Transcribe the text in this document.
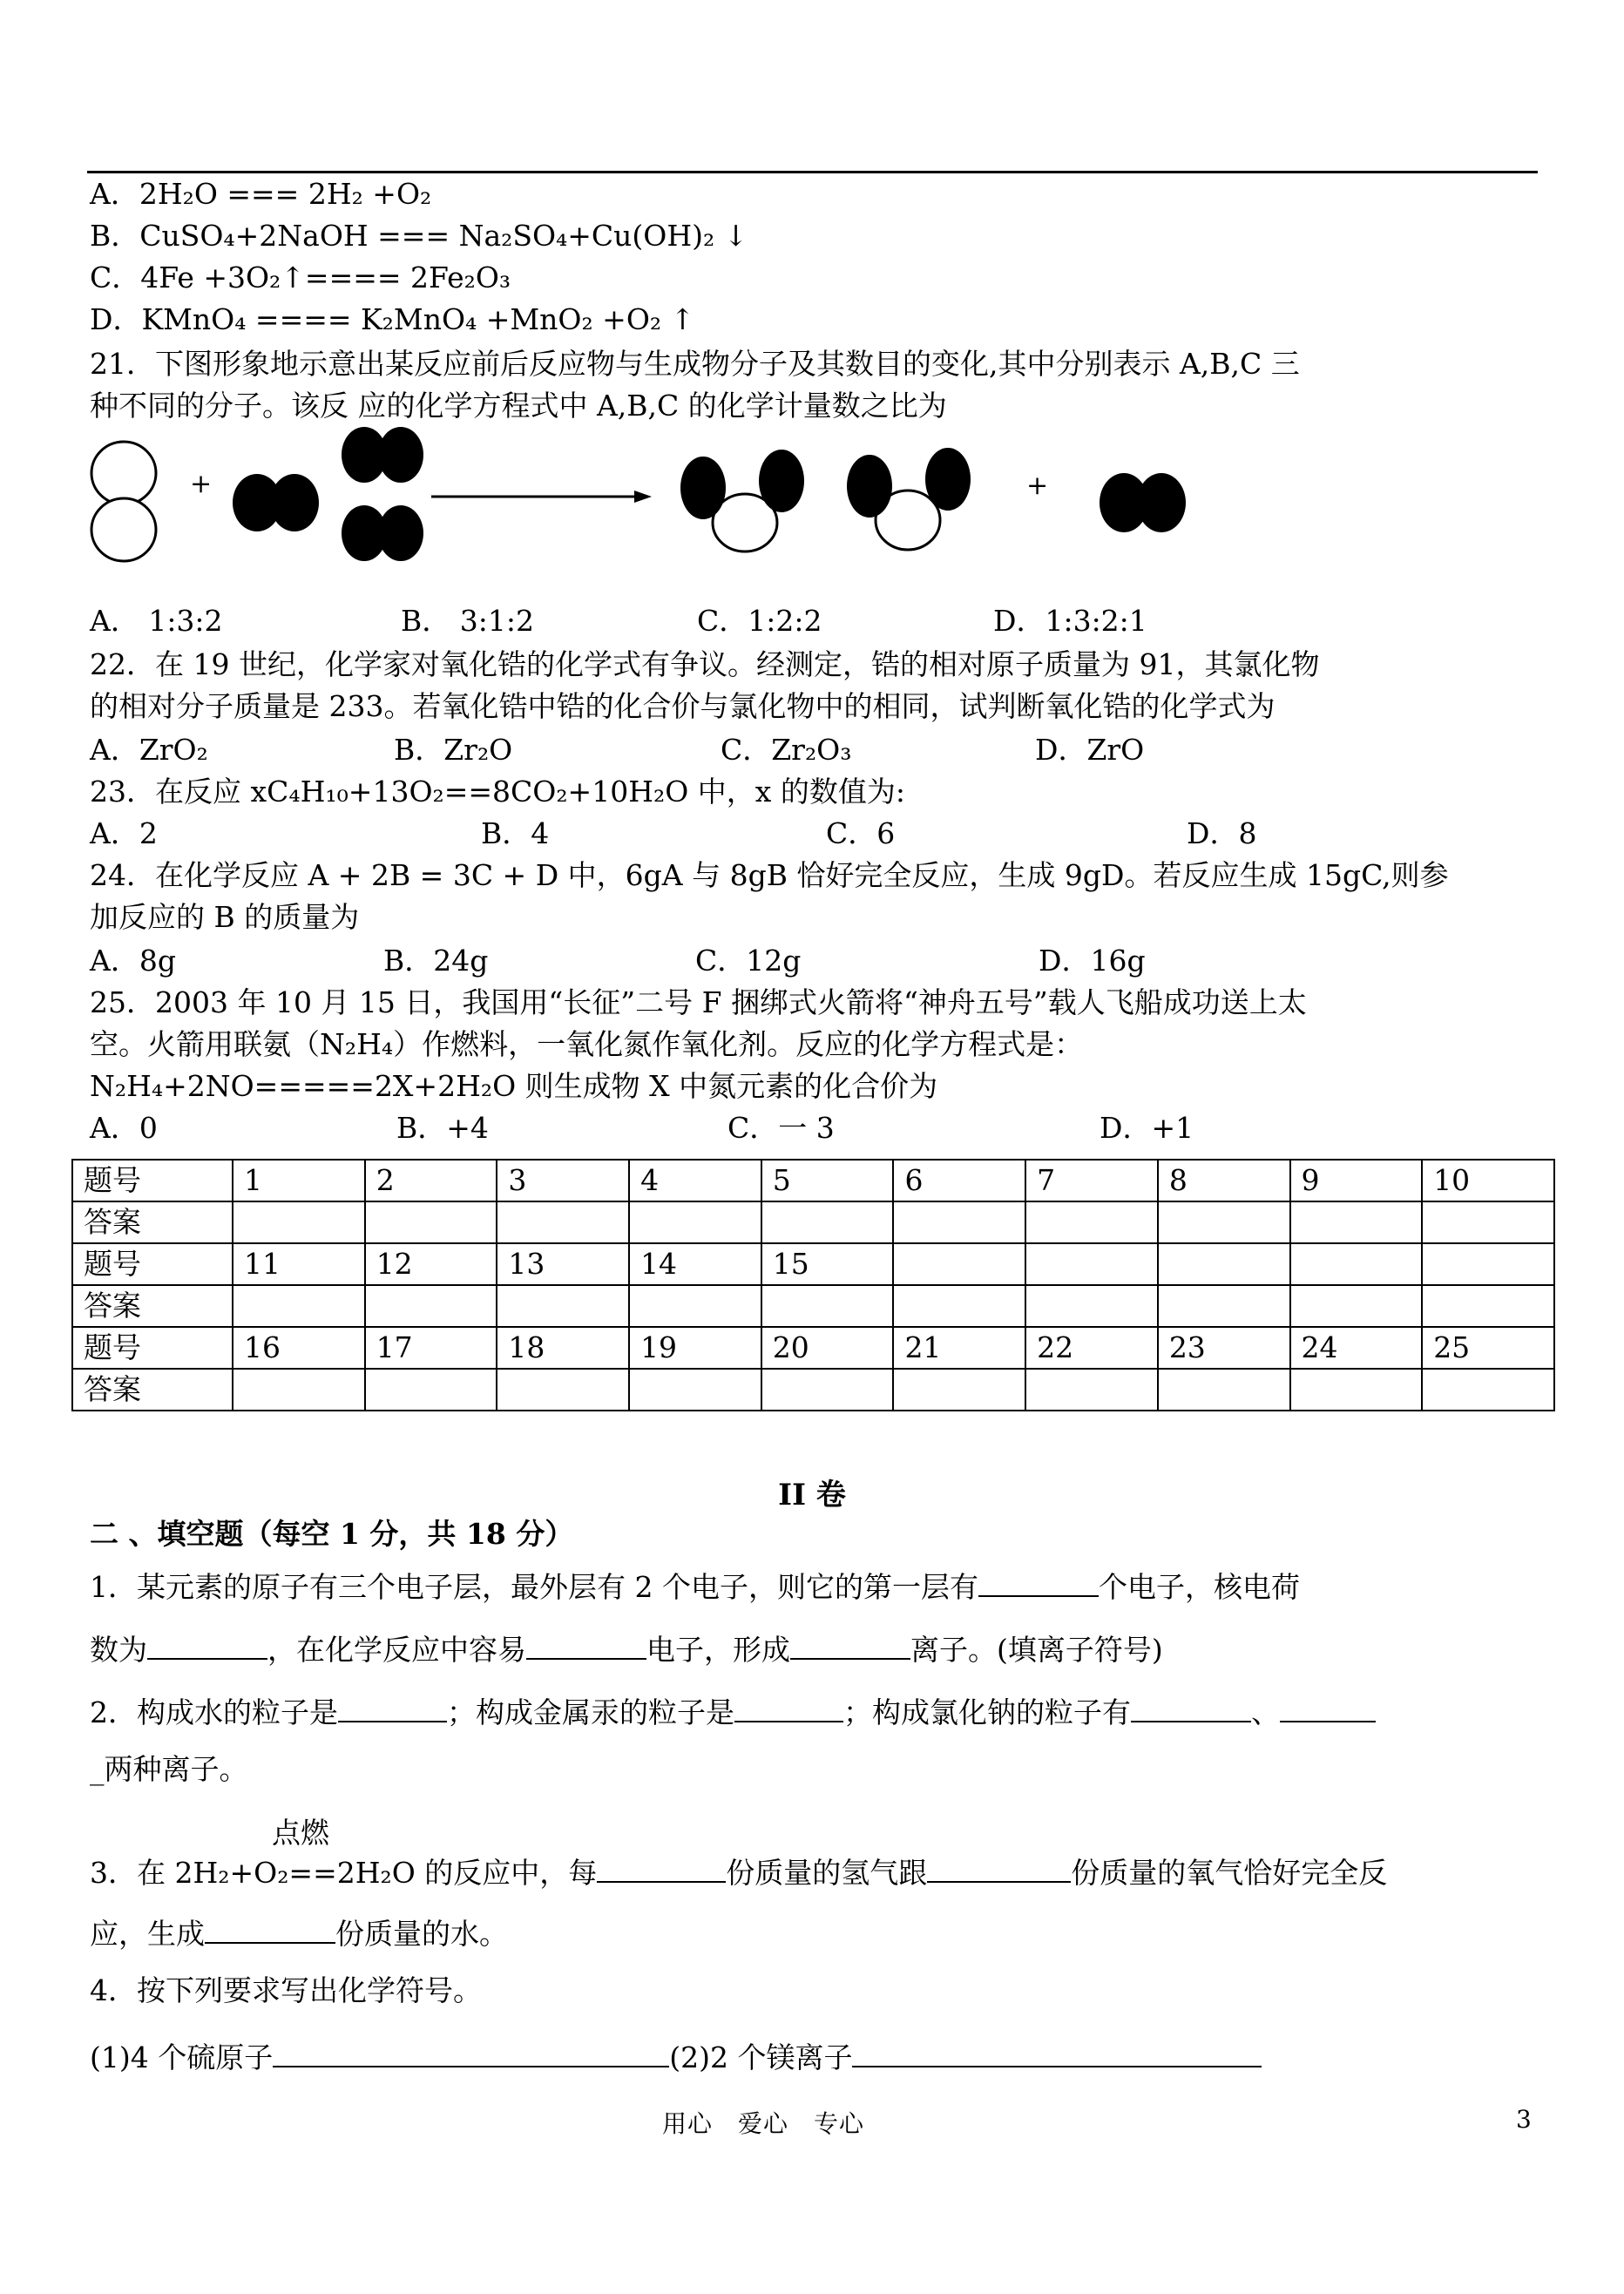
A．2H₂O === 2H₂ +O₂
B．CuSO₄+2NaOH === Na₂SO₄+Cu(OH)₂ ↓
C．4Fe +3O₂↑==== 2Fe₂O₃
D．KMnO₄ ==== K₂MnO₄ +MnO₂ +O₂ ↑
21．下图形象地示意出某反应前后反应物与生成物分子及其数目的变化,其中分别表示 A,B,C 三
种不同的分子。该反 应的化学方程式中 A,B,C 的化学计量数之比为
+	+
A． 1:3:2	B． 3:1:2	C．1:2:2	D．1:3:2:1
22．在 19 世纪，化学家对氧化锆的化学式有争议。经测定，锆的相对原子质量为 91，其氯化物
的相对分子质量是 233。若氧化锆中锆的化合价与氯化物中的相同，试判断氧化锆的化学式为
A．ZrO₂	B．Zr₂O	C．Zr₂O₃	D．ZrO
23．在反应 xC₄H₁₀+13O₂==8CO₂+10H₂O 中，x 的数值为:
A．2	B．4	C．6	D．8
24．在化学反应 A + 2B = 3C + D 中，6gA 与 8gB 恰好完全反应，生成 9gD。若反应生成 15gC,则参
加反应的 B 的质量为
A．8g	B．24g	C．12g	D．16g
25．2003 年 10 月 15 日，我国用“长征”二号 F 捆绑式火箭将“神舟五号”载人飞船成功送上太
空。火箭用联氨（N₂H₄）作燃料，一氧化氮作氧化剂。反应的化学方程式是：
N₂H₄+2NO=====2X+2H₂O 则生成物 X 中氮元素的化合价为
A．0	B．+4	C．一 3	D．+1
题号	1	2	3	4	5	6	7	8	9	10
答案										
题号	11	12	13	14	15					
答案										
题号	16	17	18	19	20	21	22	23	24	25
答案										
II 卷
二 、填空题（每空 1 分，共 18 分）
1．某元素的原子有三个电子层，最外层有 2 个电子，则它的第一层有	个电子，核电荷
数为	，在化学反应中容易	电子，形成	离子。(填离子符号)
2．构成水的粒子是	；构成金属汞的粒子是	；构成氯化钠的粒子有	、
_两种离子。
点燃
3．在 2H₂+O₂==2H₂O 的反应中，每	份质量的氢气跟	份质量的氧气恰好完全反
应，生成	份质量的水。
4．按下列要求写出化学符号。
(1)4 个硫原子	(2)2 个镁离子
用心　爱心　专心	3
